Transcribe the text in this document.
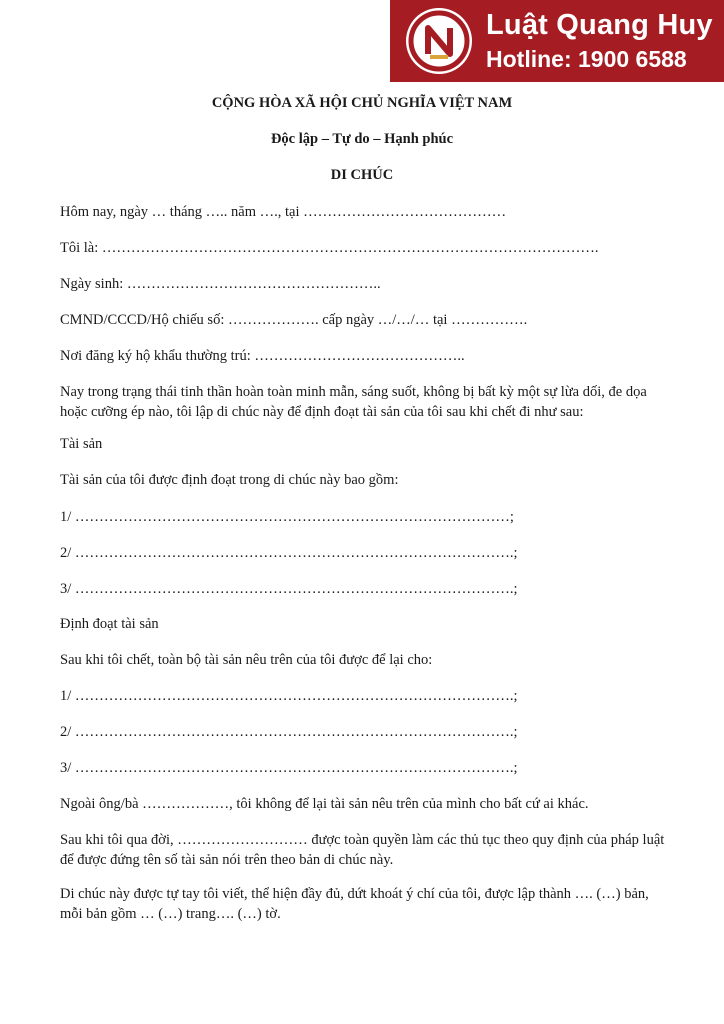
Luật Quang Huy
Hotline: 1900 6588
CỘNG HÒA XÃ HỘI CHỦ NGHĨA VIỆT NAM
Độc lập – Tự do – Hạnh phúc
DI CHÚC
Hôm nay, ngày … tháng ….. năm …., tại ……………………………………
Tôi là: ………………………………………………………………………………………….
Ngày sinh: ……………………………………………..
CMND/CCCD/Hộ chiếu số: ………………. cấp ngày …/…/… tại …………….
Nơi đăng ký hộ khẩu thường trú: ……………………………………..
Nay trong trạng thái tinh thần hoàn toàn minh mẫn, sáng suốt, không bị bất kỳ một sự lừa dối, đe dọa hoặc cưỡng ép nào, tôi lập di chúc này để định đoạt tài sản của tôi sau khi chết đi như sau:
Tài sản
Tài sản của tôi được định đoạt trong di chúc này bao gồm:
1/ ………………………………………………………………………………;
2/ ……………………………………………………………………………….;
3/ ……………………………………………………………………………….;
Định đoạt tài sản
Sau khi tôi chết, toàn bộ tài sản nêu trên của tôi được để lại cho:
1/ ……………………………………………………………………………….;
2/ ……………………………………………………………………………….;
3/ ……………………………………………………………………………….;
Ngoài ông/bà ………………, tôi không để lại tài sản nêu trên của mình cho bất cứ ai khác.
Sau khi tôi qua đời, ……………………… được toàn quyền làm các thủ tục theo quy định của pháp luật để được đứng tên số tài sản nói trên theo bản di chúc này.
Di chúc này được tự tay tôi viết, thể hiện đầy đủ, dứt khoát ý chí của tôi, được lập thành …. (…) bản, mỗi bản gồm … (…) trang…. (…) tờ.
